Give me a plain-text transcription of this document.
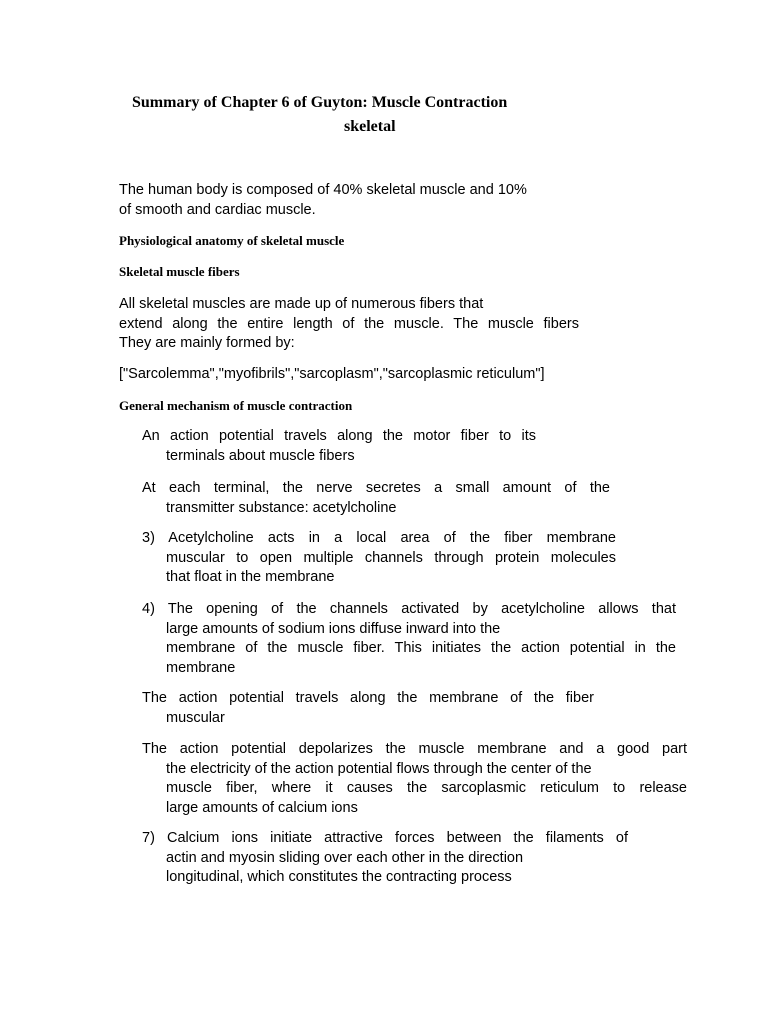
Summary of Chapter 6 of Guyton: Muscle Contraction
skeletal
The human body is composed of 40% skeletal muscle and 10%
of smooth and cardiac muscle.
Physiological anatomy of skeletal muscle
Skeletal muscle fibers
All skeletal muscles are made up of numerous fibers that
extend along the entire length of the muscle. The muscle fibers
They are mainly formed by:
["Sarcolemma","myofibrils","sarcoplasm","sarcoplasmic reticulum"]
General mechanism of muscle contraction
An action potential travels along the motor fiber to its
terminals about muscle fibers
At each terminal, the nerve secretes a small amount of the
transmitter substance: acetylcholine
3) Acetylcholine acts in a local area of the fiber membrane
muscular to open multiple channels through protein molecules
that float in the membrane
4) The opening of the channels activated by acetylcholine allows that
large amounts of sodium ions diffuse inward into the
membrane of the muscle fiber. This initiates the action potential in the
membrane
The action potential travels along the membrane of the fiber
muscular
The action potential depolarizes the muscle membrane and a good part
the electricity of the action potential flows through the center of the
muscle fiber, where it causes the sarcoplasmic reticulum to release
large amounts of calcium ions
7) Calcium ions initiate attractive forces between the filaments of
actin and myosin sliding over each other in the direction
longitudinal, which constitutes the contracting process
